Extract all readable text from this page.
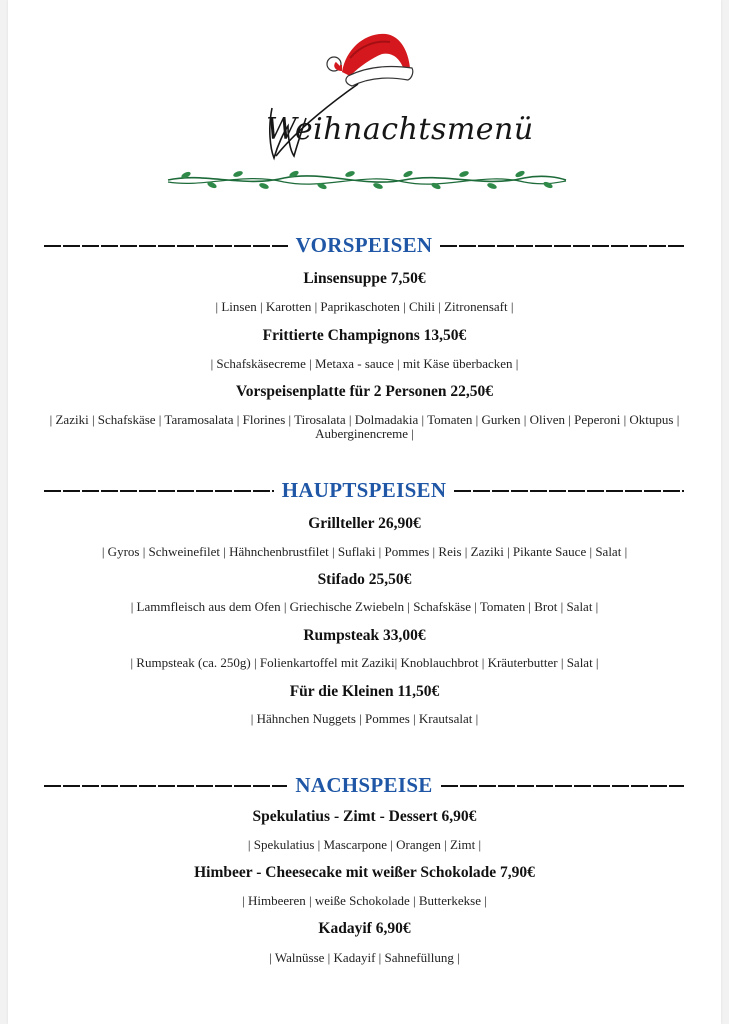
Weihnachtsmenü
VORSPEISEN
Linsensuppe 7,50€
| Linsen | Karotten | Paprikaschoten | Chili | Zitronensaft |
Frittierte Champignons 13,50€
| Schafskäsecreme | Metaxa - sauce | mit Käse überbacken |
Vorspeisenplatte für 2 Personen 22,50€
| Zaziki | Schafskäse | Taramosalata | Florines | Tirosalata | Dolmadakia | Tomaten | Gurken | Oliven | Peperoni | Oktupus | Auberginencreme |
HAUPTSPEISEN
Grillteller 26,90€
| Gyros | Schweinefilet | Hähnchenbrustfilet | Suflaki | Pommes | Reis | Zaziki | Pikante Sauce | Salat |
Stifado 25,50€
| Lammfleisch aus dem Ofen | Griechische Zwiebeln | Schafskäse | Tomaten | Brot | Salat |
Rumpsteak 33,00€
| Rumpsteak (ca. 250g) | Folienkartoffel mit Zaziki| Knoblauchbrot | Kräuterbutter | Salat |
Für die Kleinen 11,50€
| Hähnchen Nuggets | Pommes | Krautsalat |
NACHSPEISE
Spekulatius - Zimt - Dessert 6,90€
| Spekulatius | Mascarpone | Orangen | Zimt |
Himbeer - Cheesecake mit weißer Schokolade 7,90€
| Himbeeren | weiße Schokolade | Butterkekse |
Kadayif 6,90€
| Walnüsse | Kadayif | Sahnefüllung |
